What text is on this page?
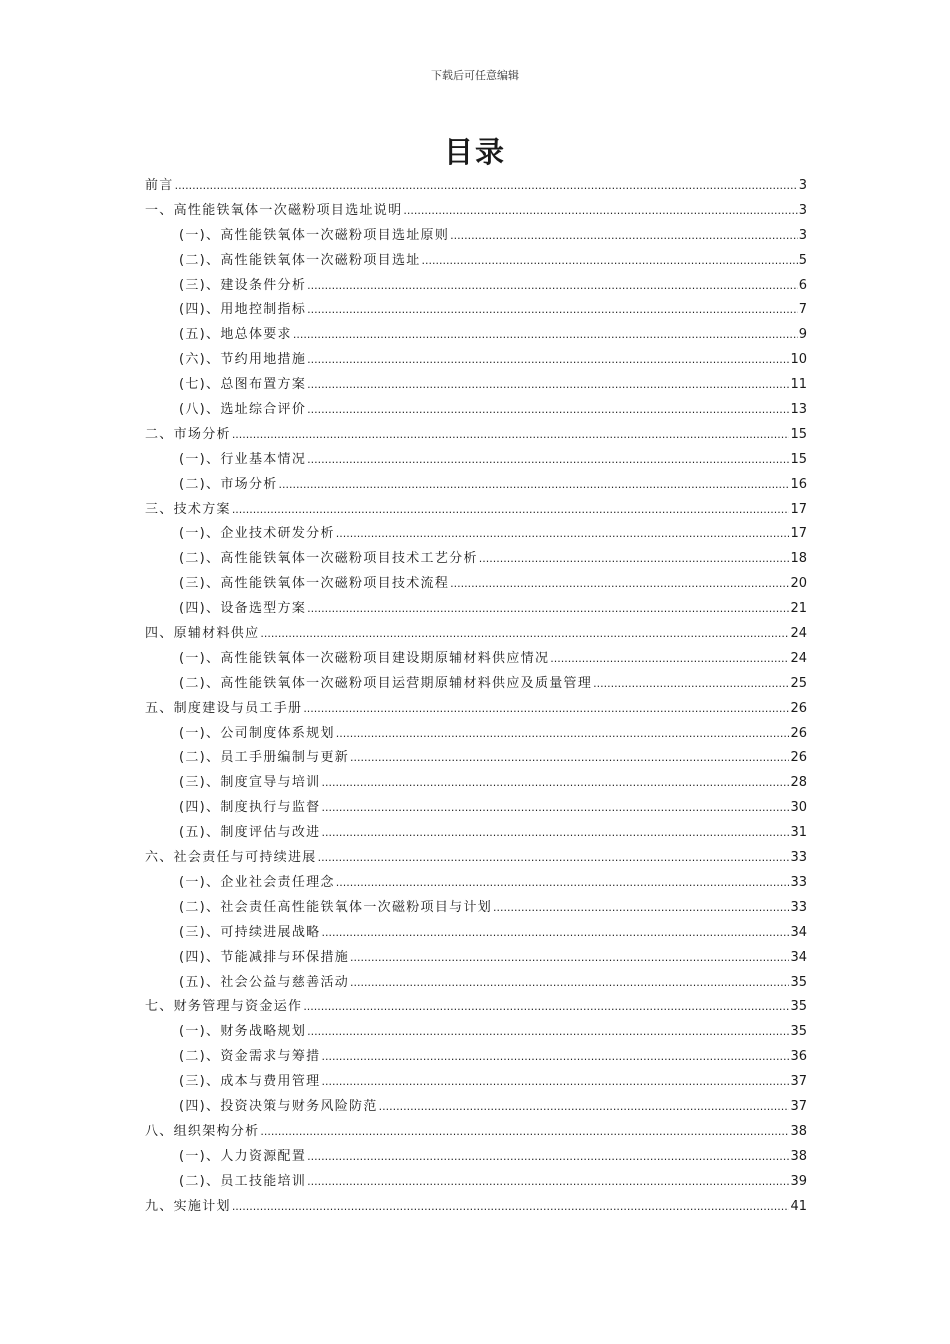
下载后可任意编辑
目录
前言 .....	3
一、高性能铁氧体一次磁粉项目选址说明 .....	3
(一)、高性能铁氧体一次磁粉项目选址原则 .....	3
(二)、高性能铁氧体一次磁粉项目选址 .....	5
(三)、建设条件分析 .....	6
(四)、用地控制指标 .....	7
(五)、地总体要求 .....	9
(六)、节约用地措施 .....	10
(七)、总图布置方案 .....	11
(八)、选址综合评价 .....	13
二、市场分析 .....	15
(一)、行业基本情况 .....	15
(二)、市场分析 .....	16
三、技术方案 .....	17
(一)、企业技术研发分析 .....	17
(二)、高性能铁氧体一次磁粉项目技术工艺分析 .....	18
(三)、高性能铁氧体一次磁粉项目技术流程 .....	20
(四)、设备选型方案 .....	21
四、原辅材料供应 .....	24
(一)、高性能铁氧体一次磁粉项目建设期原辅材料供应情况 .....	24
(二)、高性能铁氧体一次磁粉项目运营期原辅材料供应及质量管理 .....	25
五、制度建设与员工手册 .....	26
(一)、公司制度体系规划 .....	26
(二)、员工手册编制与更新 .....	26
(三)、制度宣导与培训 .....	28
(四)、制度执行与监督 .....	30
(五)、制度评估与改进 .....	31
六、社会责任与可持续进展 .....	33
(一)、企业社会责任理念 .....	33
(二)、社会责任高性能铁氧体一次磁粉项目与计划 .....	33
(三)、可持续进展战略 .....	34
(四)、节能减排与环保措施 .....	34
(五)、社会公益与慈善活动 .....	35
七、财务管理与资金运作 .....	35
(一)、财务战略规划 .....	35
(二)、资金需求与筹措 .....	36
(三)、成本与费用管理 .....	37
(四)、投资决策与财务风险防范 .....	37
八、组织架构分析 .....	38
(一)、人力资源配置 .....	38
(二)、员工技能培训 .....	39
九、实施计划 .....	41
